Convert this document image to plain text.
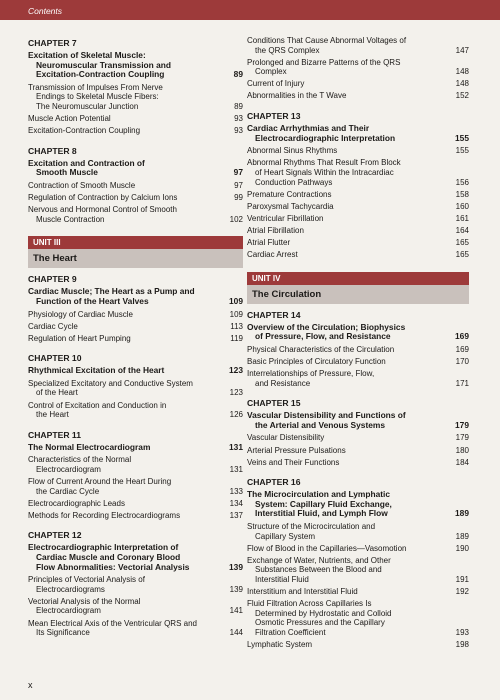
Contents
CHAPTER 7
Excitation of Skeletal Muscle:
Neuromuscular Transmission and
Excitation-Contraction Coupling	89
Transmission of Impulses From Nerve
Endings to Skeletal Muscle Fibers:
The Neuromuscular Junction	89
Muscle Action Potential	93
Excitation-Contraction Coupling	93
CHAPTER 8
Excitation and Contraction of
Smooth Muscle	97
Contraction of Smooth Muscle	97
Regulation of Contraction by Calcium Ions	99
Nervous and Hormonal Control of Smooth
Muscle Contraction	102
UNIT III
The Heart
CHAPTER 9
Cardiac Muscle; The Heart as a Pump and
Function of the Heart Valves	109
Physiology of Cardiac Muscle	109
Cardiac Cycle	113
Regulation of Heart Pumping	119
CHAPTER 10
Rhythmical Excitation of the Heart	123
Specialized Excitatory and Conductive System
of the Heart	123
Control of Excitation and Conduction in
the Heart	126
CHAPTER 11
The Normal Electrocardiogram	131
Characteristics of the Normal
Electrocardiogram	131
Flow of Current Around the Heart During
the Cardiac Cycle	133
Electrocardiographic Leads	134
Methods for Recording Electrocardiograms	137
CHAPTER 12
Electrocardiographic Interpretation of
Cardiac Muscle and Coronary Blood
Flow Abnormalities: Vectorial Analysis	139
Principles of Vectorial Analysis of
Electrocardiograms	139
Vectorial Analysis of the Normal
Electrocardiogram	141
Mean Electrical Axis of the Ventricular QRS and
Its Significance	144
Conditions That Cause Abnormal Voltages of
the QRS Complex	147
Prolonged and Bizarre Patterns of the QRS
Complex	148
Current of Injury	148
Abnormalities in the T Wave	152
CHAPTER 13
Cardiac Arrhythmias and Their
Electrocardiographic Interpretation	155
Abnormal Sinus Rhythms	155
Abnormal Rhythms That Result From Block
of Heart Signals Within the Intracardiac
Conduction Pathways	156
Premature Contractions	158
Paroxysmal Tachycardia	160
Ventricular Fibrillation	161
Atrial Fibrillation	164
Atrial Flutter	165
Cardiac Arrest	165
UNIT IV
The Circulation
CHAPTER 14
Overview of the Circulation; Biophysics
of Pressure, Flow, and Resistance	169
Physical Characteristics of the Circulation	169
Basic Principles of Circulatory Function	170
Interrelationships of Pressure, Flow,
and Resistance	171
CHAPTER 15
Vascular Distensibility and Functions of
the Arterial and Venous Systems	179
Vascular Distensibility	179
Arterial Pressure Pulsations	180
Veins and Their Functions	184
CHAPTER 16
The Microcirculation and Lymphatic
System: Capillary Fluid Exchange,
Interstitial Fluid, and Lymph Flow	189
Structure of the Microcirculation and
Capillary System	189
Flow of Blood in the Capillaries—Vasomotion	190
Exchange of Water, Nutrients, and Other
Substances Between the Blood and
Interstitial Fluid	191
Interstitium and Interstitial Fluid	192
Fluid Filtration Across Capillaries Is
Determined by Hydrostatic and Colloid
Osmotic Pressures and the Capillary
Filtration Coefficient	193
Lymphatic System	198
x
